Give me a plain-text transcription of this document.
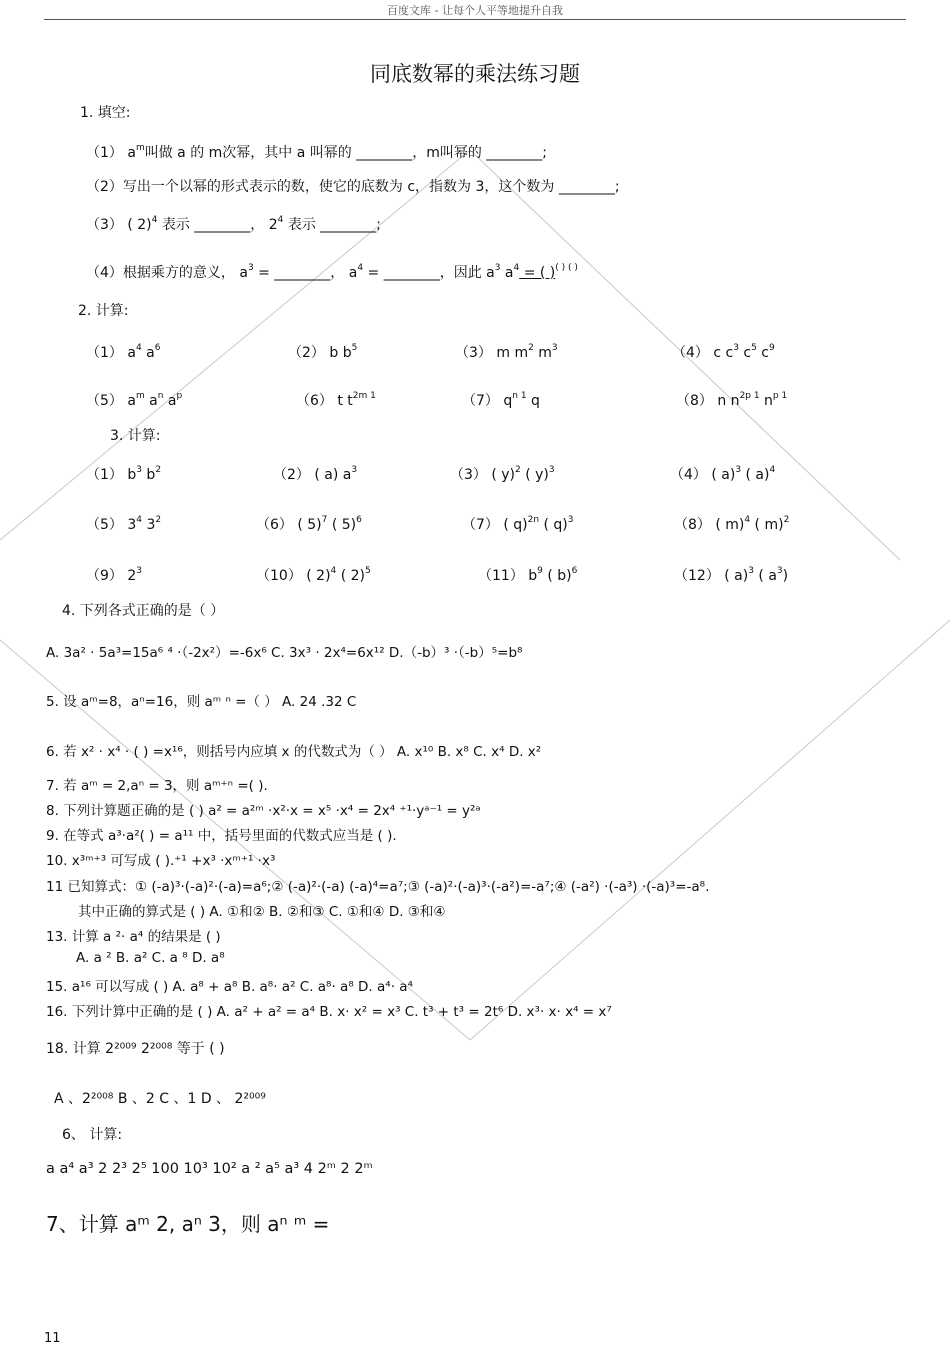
百度文库 - 让每个人平等地提升自我
同底数幂的乘法练习题
1. 填空:
（1） $a^m$叫做 a 的 m次幂，其中 a 叫幂的 ________，m叫幂的 ________;
（2）写出一个以幂的形式表示的数，使它的底数为 c，指数为 3，这个数为 ________;
（3） ( 2)$^4$ 表示 ________， $2^4$ 表示 ________;
（4）根据乘方的意义， $a^3$ = ________， $a^4$ = ________，因此 $a^3$ $a^4$ = ( )( ) ( )
2. 计算:
（1） $a^4$ $a^6$	（2） b $b^5$	（3） m $m^2$ $m^3$	（4） c $c^3$ $c^5$ $c^9$
（5） $a^m$ $a^n$ $a^p$	（6） t $t^{2m 1}$	（7） $q^{n 1}$ q	（8） n $n^{2p 1}$ $n^{p 1}$
3. 计算:
（1） $b^3$ $b^2$	（2） ( a) $a^3$	（3） ( y)$^2$ ( y)$^3$	（4） ( a)$^3$ ( a)$^4$
（5） $3^4$ $3^2$	（6） ( 5)$^7$ ( 5)$^6$	（7） ( q)$^{2n}$ ( q)$^3$	（8） ( m)$^4$ ( m)$^2$
（9） $2^3$	（10） ( 2)$^4$ ( 2)$^5$	（11） $b^9$ ( b)$^6$	（12） ( a)$^3$ ( $a^3$)
4. 下列各式正确的是（ ）
A. 3a² · 5a³=15a⁶ ⁴ ·（-2x²）=-6x⁶ C. 3x³ · 2x⁴=6x¹² D.（-b）³ ·（-b）⁵=b⁸
5. 设 aᵐ=8，aⁿ=16，则 aᵐ ⁿ =（ ） A. 24 .32 C
6. 若 x² · x⁴ · ( ) =x¹⁶，则括号内应填 x 的代数式为（ ） A. x¹⁰ B. x⁸ C. x⁴ D. x²
7. 若 aᵐ = 2,aⁿ = 3，则 aᵐ⁺ⁿ =( ).
8. 下列计算题正确的是 ( ) a² = a²ᵐ ·x²·x = x⁵ ·x⁴ = 2x⁴ ⁺¹·yᵃ⁻¹ = y²ᵃ
9. 在等式 a³·a²( ) = a¹¹ 中，括号里面的代数式应当是 ( ).
10. x³ᵐ⁺³ 可写成 ( ).⁺¹ +x³ ·xᵐ⁺¹ ·x³
11 已知算式：① (-a)³·(-a)²·(-a)=a⁶;② (-a)²·(-a) (-a)⁴=a⁷;③ (-a)²·(-a)³·(-a²)=-a⁷;④ (-a²) ·(-a³) ·(-a)³=-a⁸.
其中正确的算式是 ( ) A. ①和② B. ②和③ C. ①和④ D. ③和④
13. 计算 a ²· a⁴ 的结果是 ( )
A. a ² B. a² C. a ⁸ D. a⁸
15. a¹⁶ 可以写成 ( ) A. a⁸ + a⁸ B. a⁸· a² C. a⁸· a⁸ D. a⁴· a⁴
16. 下列计算中正确的是 ( ) A. a² + a² = a⁴ B. x· x² = x³ C. t³ + t³ = 2t⁶ D. x³· x· x⁴ = x⁷
18. 计算 2²⁰⁰⁹ 2²⁰⁰⁸ 等于 ( )
A 、2²⁰⁰⁸ B 、2 C 、1 D 、 2²⁰⁰⁹
6、 计算:
a a⁴ a³ 2 2³ 2⁵ 100 10³ 10² a ² a⁵ a³ 4 2ᵐ 2 2ᵐ
7、计算 aᵐ 2, aⁿ 3，则 aⁿ ᵐ =
11
